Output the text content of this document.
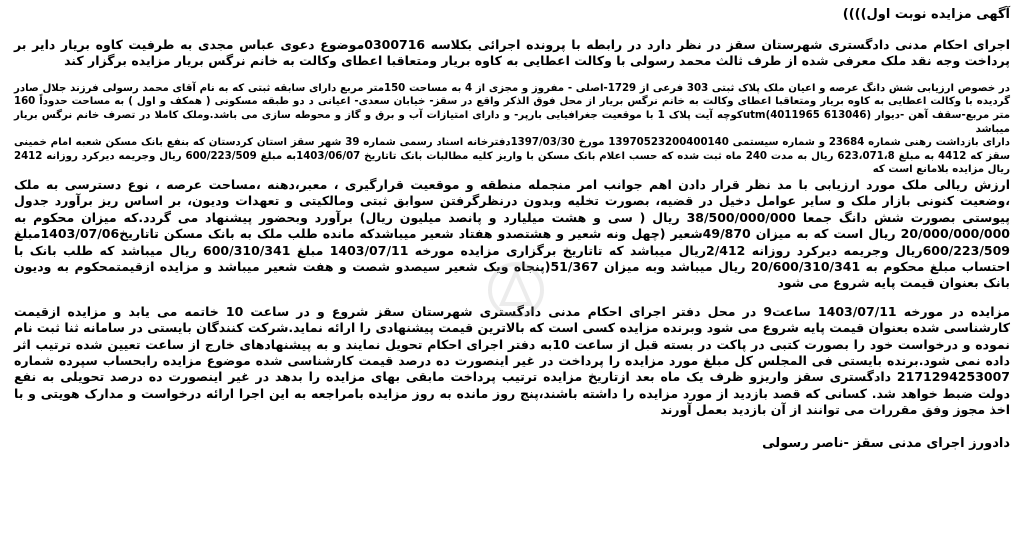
آگهی مزایده نوبت اول))))

اجرای احکام مدنی دادگستری شهرستان سقز در نظر دارد در رابطه با پرونده اجرائی بکلاسه 0300716موضوع دعوی عباس مجدی به طرفیت کاوه بریار دایر بر پرداخت وجه نقد ملک معرفی شده از طرف ثالث محمد رسولی با وکالت اعطایی به کاوه بریار ومتعاقبا اعطای وکالت به خانم نرگس بریار مزایده برگزار کند

در خصوص ارزیابی شش دانگ عرصه و اعیان ملک پلاک ثبتی 303 فرعی از 1729-اصلی - مفروز و مجزی از 4 به مساحت 150متر مربع دارای سابقه ثبتی که به نام آقای محمد رسولی فرزند جلال صادر گردیده با وکالت اعطایی به کاوه بریار ومتعاقبا اعطای وکالت به خانم نرگس بریار از محل فوق الذکر واقع در سقز- خیابان سعدی- اعیانی د دو طبقه مسکونی ( همکف و اول ) به مساحت حدوداً 160 متر مربع-سقف آهن -دیوار (613046 4011965)utmکوچه آیت پلاک 1 با موقعیت جغرافیایی بارپر- و دارای امتیازات آب و برق و گاز و محوطه سازی می باشد.وملک کاملا در تصرف خانم نرگس بریار میباشد

دارای بازداشت رهنی شماره 23684 و شماره سیستمی 13970523200400140 مورخ 1397/03/30دفترخانه اسناد رسمی شماره 39 شهر سقز استان کردستان که بنفع بانک مسکن شعبه امام خمینی سقز که 4412 به مبلغ 623،071،8 ریال به مدت 240 ماه ثبت شده که حسب اعلام بانک مسکن با واریز کلیه مطالبات بانک تاتاریخ 1403/06/07به مبلغ 600/223/509 ریال وجریمه دیرکرد روزانه 2412 ریال مزایده بلامانع است که

ارزش ریالی ملک مورد ارزیابی با مد نظر قرار دادن اهم جوانب امر منجمله منطقه و موقعیت قرارگیری ، معبر،دهنه ،مساحت عرصه ، نوع دسترسی به ملک ،وضعیت کنونی بازار ملک و سایر عوامل دخیل در قضیه، بصورت تخلیه وبدون درنظرگرفتن سوابق ثبتی ومالکیتی و تعهدات ودیون، بر اساس ریز برآورد جدول پیوستی بصورت شش دانگ جمعا 38/500/000/000 ریال ( سی و هشت میلیارد و پانصد میلیون ریال) برآورد وبحضور پیشنهاد می گردد.که میزان محکوم به 20/000/000/000 ریال است که به میزان 49/870شعیر (چهل ونه شعیر و هشتصدو هفتاد شعیر میباشدکه مانده طلب ملک به بانک مسکن تاتاریخ1403/07/06مبلغ 600/223/509ریال وجریمه دیرکرد روزانه 2/412ریال میباشد که تاتاریخ برگزاری مزایده مورخه 1403/07/11 مبلغ 600/310/341 ریال میباشد که طلب بانک با احتساب مبلغ محکوم به 20/600/310/341 ریال میباشد وبه میزان 51/367(پنجاه ویک شعیر سیصدو شصت و هفت شعیر میباشد و مزایده ازقیمتمحکوم به ودیون بانک بعنوان قیمت پایه شروع می شود

مزایده در مورخه 1403/07/11 ساعت9 در محل دفتر اجرای احکام مدنی دادگستری شهرستان سقز شروع و در ساعت 10 خاتمه می یابد و مزایده ازقیمت کارشناسی شده بعنوان قیمت پایه شروع می شود وبرنده مزایده کسی است که بالاترین قیمت پیشنهادی را ارائه نماید.شرکت کنندگان بایستی در سامانه ثنا ثبت نام نموده و درخواست خود را بصورت کتبی در پاکت در بسته قبل از ساعت 10به دفتر اجرای احکام تحویل نمایند و به پیشنهادهای خارج از ساعت تعیین شده ترتیب اثر داده نمی شود.برنده بایستی فی المجلس کل مبلغ مورد مزایده را پرداخت در غیر اینصورت ده درصد قیمت کارشناسی شده موضوع مزایده رابحساب سپرده شماره 2171294253007 دادگستری سقز واریزو ظرف یک ماه بعد ازتاریخ مزایده ترتیب پرداخت مابقی بهای مزایده را بدهد در غیر اینصورت ده درصد تحویلی به نفع دولت ضبط خواهد شد. کسانی که قصد بازدید از مورد مزایده را داشته باشند،پنج روز مانده به روز مزایده بامراجعه به این اجرا ارائه درخواست و مدارک هویتی و با اخذ مجوز وفق مقررات می توانند از آن بازدید بعمل آورند

دادورز اجرای مدنی سقز -ناصر رسولی
